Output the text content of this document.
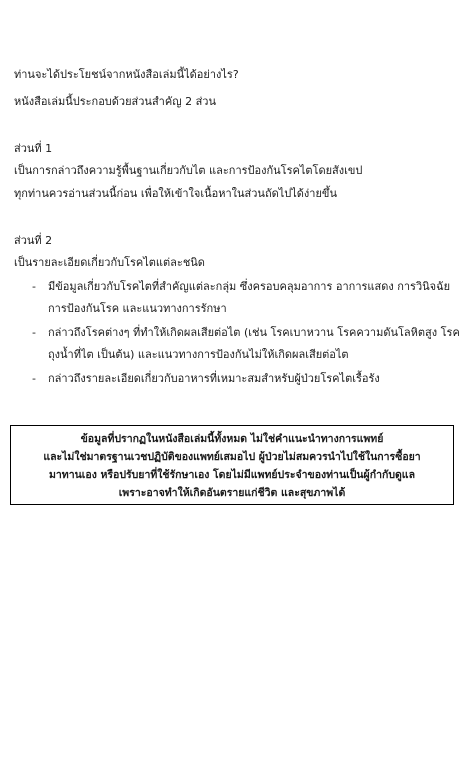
ท่านจะได้ประโยชน์จากหนังสือเล่มนี้ได้อย่างไร?
หนังสือเล่มนี้ประกอบด้วยส่วนสำคัญ 2 ส่วน
ส่วนที่ 1
เป็นการกล่าวถึงความรู้พื้นฐานเกี่ยวกับไต และการป้องกันโรคไตโดยสังเขป
ทุกท่านควรอ่านส่วนนี้ก่อน เพื่อให้เข้าใจเนื้อหาในส่วนถัดไปได้ง่ายขึ้น
ส่วนที่ 2
เป็นรายละเอียดเกี่ยวกับโรคไตแต่ละชนิด
- มีข้อมูลเกี่ยวกับโรคไตที่สำคัญแต่ละกลุ่ม ซึ่งครอบคลุมอาการ อาการแสดง การวินิจฉัย การป้องกันโรค และแนวทางการรักษา
- กล่าวถึงโรคต่างๆ ที่ทำให้เกิดผลเสียต่อไต (เช่น โรคเบาหวาน โรคความดันโลหิตสูง โรคถุงน้ำที่ไต เป็นต้น) และแนวทางการป้องกันไม่ให้เกิดผลเสียต่อไต
- กล่าวถึงรายละเอียดเกี่ยวกับอาหารที่เหมาะสมสำหรับผู้ป่วยโรคไตเรื้อรัง
ข้อมูลที่ปรากฏในหนังสือเล่มนี้ทั้งหมด ไม่ใช่คำแนะนำทางการแพทย์
และไม่ใช่มาตรฐานเวชปฏิบัติของแพทย์เสมอไป ผู้ป่วยไม่สมควรนำไปใช้ในการซื้อยา
มาทานเอง หรือปรับยาที่ใช้รักษาเอง โดยไม่มีแพทย์ประจำของท่านเป็นผู้กำกับดูแล
เพราะอาจทำให้เกิดอันตรายแก่ชีวิต และสุขภาพได้
